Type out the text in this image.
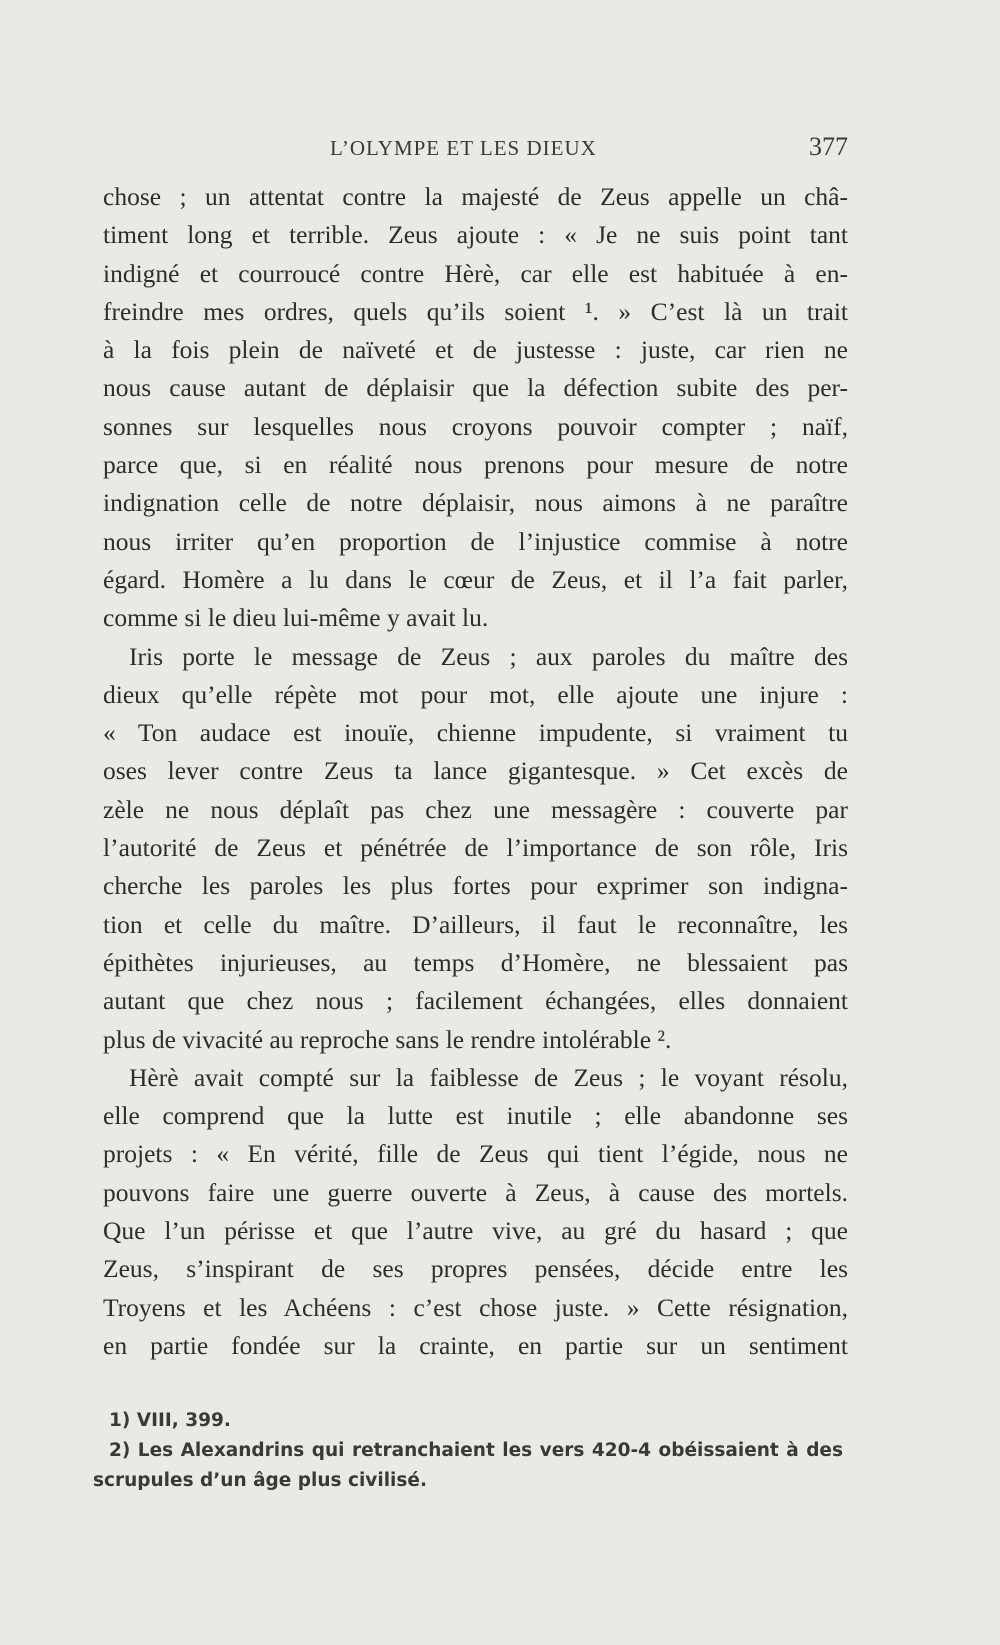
L’OLYMPE ET LES DIEUX	377
chose ; un attentat contre la majesté de Zeus appelle un châ-
timent long et terrible. Zeus ajoute : « Je ne suis point tant
indigné et courroucé contre Hèrè, car elle est habituée à en-
freindre mes ordres, quels qu’ils soient ¹. » C’est là un trait
à la fois plein de naïveté et de justesse : juste, car rien ne
nous cause autant de déplaisir que la défection subite des per-
sonnes sur lesquelles nous croyons pouvoir compter ; naïf,
parce que, si en réalité nous prenons pour mesure de notre
indignation celle de notre déplaisir, nous aimons à ne paraître
nous irriter qu’en proportion de l’injustice commise à notre
égard. Homère a lu dans le cœur de Zeus, et il l’a fait parler,
comme si le dieu lui-même y avait lu.
Iris porte le message de Zeus ; aux paroles du maître des
dieux qu’elle répète mot pour mot, elle ajoute une injure :
« Ton audace est inouïe, chienne impudente, si vraiment tu
oses lever contre Zeus ta lance gigantesque. » Cet excès de
zèle ne nous déplaît pas chez une messagère : couverte par
l’autorité de Zeus et pénétrée de l’importance de son rôle, Iris
cherche les paroles les plus fortes pour exprimer son indigna-
tion et celle du maître. D’ailleurs, il faut le reconnaître, les
épithètes injurieuses, au temps d’Homère, ne blessaient pas
autant que chez nous ; facilement échangées, elles donnaient
plus de vivacité au reproche sans le rendre intolérable ².
Hèrè avait compté sur la faiblesse de Zeus ; le voyant résolu,
elle comprend que la lutte est inutile ; elle abandonne ses
projets : « En vérité, fille de Zeus qui tient l’égide, nous ne
pouvons faire une guerre ouverte à Zeus, à cause des mortels.
Que l’un périsse et que l’autre vive, au gré du hasard ; que
Zeus, s’inspirant de ses propres pensées, décide entre les
Troyens et les Achéens : c’est chose juste. » Cette résignation,
en partie fondée sur la crainte, en partie sur un sentiment
1) VIII, 399.
2) Les Alexandrins qui retranchaient les vers 420-4 obéissaient à des
scrupules d’un âge plus civilisé.
